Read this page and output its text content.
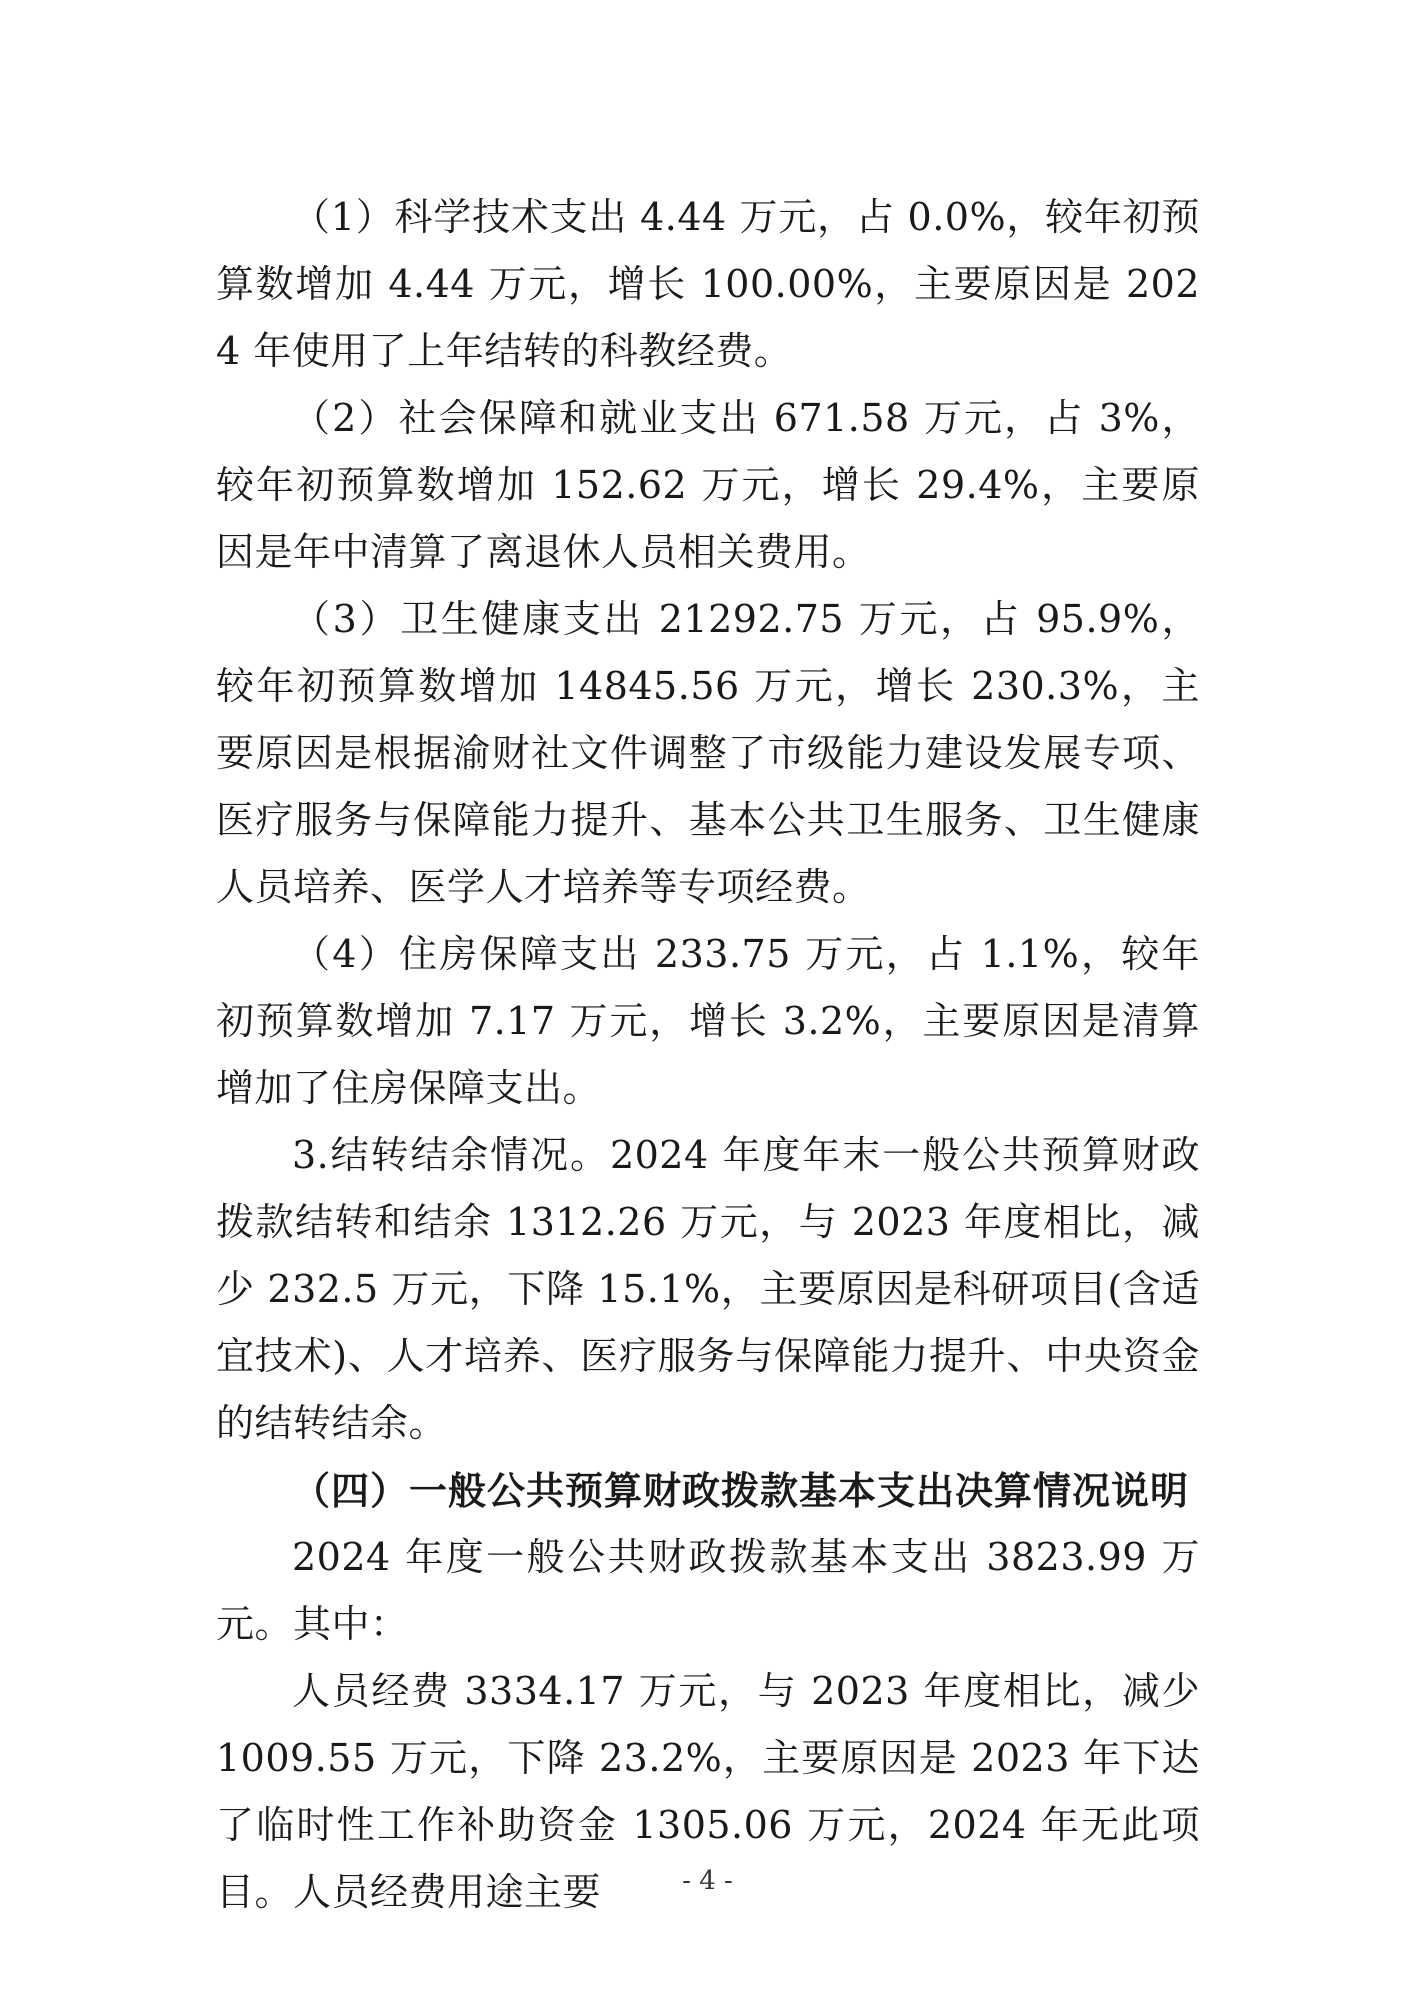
（1）科学技术支出 4.44 万元，占 0.0%，较年初预算数增加 4.44 万元，增长 100.00%，主要原因是 2024 年使用了上年结转的科教经费。

（2）社会保障和就业支出 671.58 万元，占 3%，较年初预算数增加 152.62 万元，增长 29.4%，主要原因是年中清算了离退休人员相关费用。

（3）卫生健康支出 21292.75 万元，占 95.9%，较年初预算数增加 14845.56 万元，增长 230.3%，主要原因是根据渝财社文件调整了市级能力建设发展专项、医疗服务与保障能力提升、基本公共卫生服务、卫生健康人员培养、医学人才培养等专项经费。

（4）住房保障支出 233.75 万元，占 1.1%，较年初预算数增加 7.17 万元，增长 3.2%，主要原因是清算增加了住房保障支出。

3.结转结余情况。2024 年度年末一般公共预算财政拨款结转和结余 1312.26 万元，与 2023 年度相比，减少 232.5 万元，下降 15.1%，主要原因是科研项目(含适宜技术)、人才培养、医疗服务与保障能力提升、中央资金的结转结余。

（四）一般公共预算财政拨款基本支出决算情况说明

2024 年度一般公共财政拨款基本支出 3823.99 万元。其中：

人员经费 3334.17 万元，与 2023 年度相比，减少 1009.55 万元，下降 23.2%，主要原因是 2023 年下达了临时性工作补助资金 1305.06 万元，2024 年无此项目。人员经费用途主要	- 4 -
